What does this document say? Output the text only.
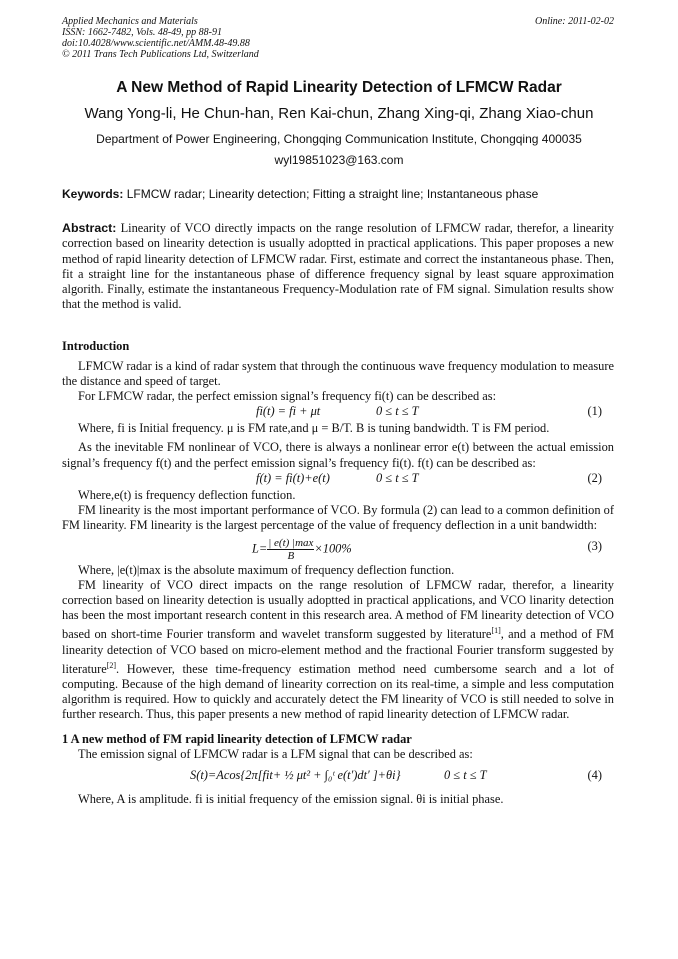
Applied Mechanics and Materials
ISSN: 1662-7482, Vols. 48-49, pp 88-91
doi:10.4028/www.scientific.net/AMM.48-49.88
© 2011 Trans Tech Publications Ltd, Switzerland
Online: 2011-02-02
A New Method of Rapid Linearity Detection of LFMCW Radar
Wang Yong-li, He Chun-han, Ren Kai-chun, Zhang Xing-qi, Zhang Xiao-chun
Department of Power Engineering, Chongqing Communication Institute, Chongqing 400035
wyl19851023@163.com
Keywords: LFMCW radar; Linearity detection; Fitting a straight line; Instantaneous phase
Abstract: Linearity of VCO directly impacts on the range resolution of LFMCW radar, therefor, a linearity correction based on linearity detection is usually adoptted in practical applications. This paper proposes a new method of rapid linearity detection of LFMCW radar. First, estimate and correct the instantaneous phase. Then, fit a straight line for the instantaneous phase of difference frequency signal by least square approximation algorith. Finally, estimate the instantaneous Frequency-Modulation rate of FM signal. Simulation results show that the method is valid.

Introduction

LFMCW radar is a kind of radar system that through the continuous wave frequency modulation to measure the distance and speed of target.

For LFMCW radar, the perfect emission signal’s frequency fi(t) can be described as:

fi(t) = fi + μt	0 ≤ t ≤ T	(1)

Where, fi is Initial frequency. μ is FM rate,and μ = B/T. B is tuning bandwidth. T is FM period.

As the inevitable FM nonlinear of VCO, there is always a nonlinear error e(t) between the actual emission signal’s frequency f(t) and the perfect emission signal’s frequency fi(t). f(t) can be described as:

f(t) = fi(t)+e(t)	0 ≤ t ≤ T	(2)

Where,e(t) is frequency deflection function.

FM linearity is the most important performance of VCO. By formula (2) can lead to a common definition of FM linearity. FM linearity is the largest percentage of the value of frequency deflection in a unit bandwidth:

$L= \frac{| e(t) |\max}{B} \times 100\%$	(3)

Where, |e(t)|max is the absolute maximum of frequency deflection function.

FM linearity of VCO direct impacts on the range resolution of LFMCW radar, therefor, a linearity correction based on linearity detection is usually adoptted in practical applications, and VCO linarity detection has been the most important research content in this research area. A method of FM linearity detection of VCO based on short-time Fourier transform and wavelet transform suggested by literature[1], and a method of FM linearity detection of VCO based on micro-element method and the fractional Fourier transform suggested by literature[2]. However, these time-frequency estimation method need cumbersome search and a lot of computing. Because of the high demand of linearity correction on its real-time, a simple and less computation algorithm is required. How to quickly and accurately detect the FM linearity of VCO is still needed to solve in further research. Thus, this paper presents a new method of rapid linearity detection of LFMCW radar.

1 A new method of FM rapid linearity detection of LFMCW radar

The emission signal of LFMCW radar is a LFM signal that can be described as:

S(t)=Acos{2π[fit+ ½ μt² + ∫₀ᵗ e(t′)dt′ ]+θi}	0 ≤ t ≤ T	(4)

Where, A is amplitude. fi is initial frequency of the emission signal. θi is initial phase.
